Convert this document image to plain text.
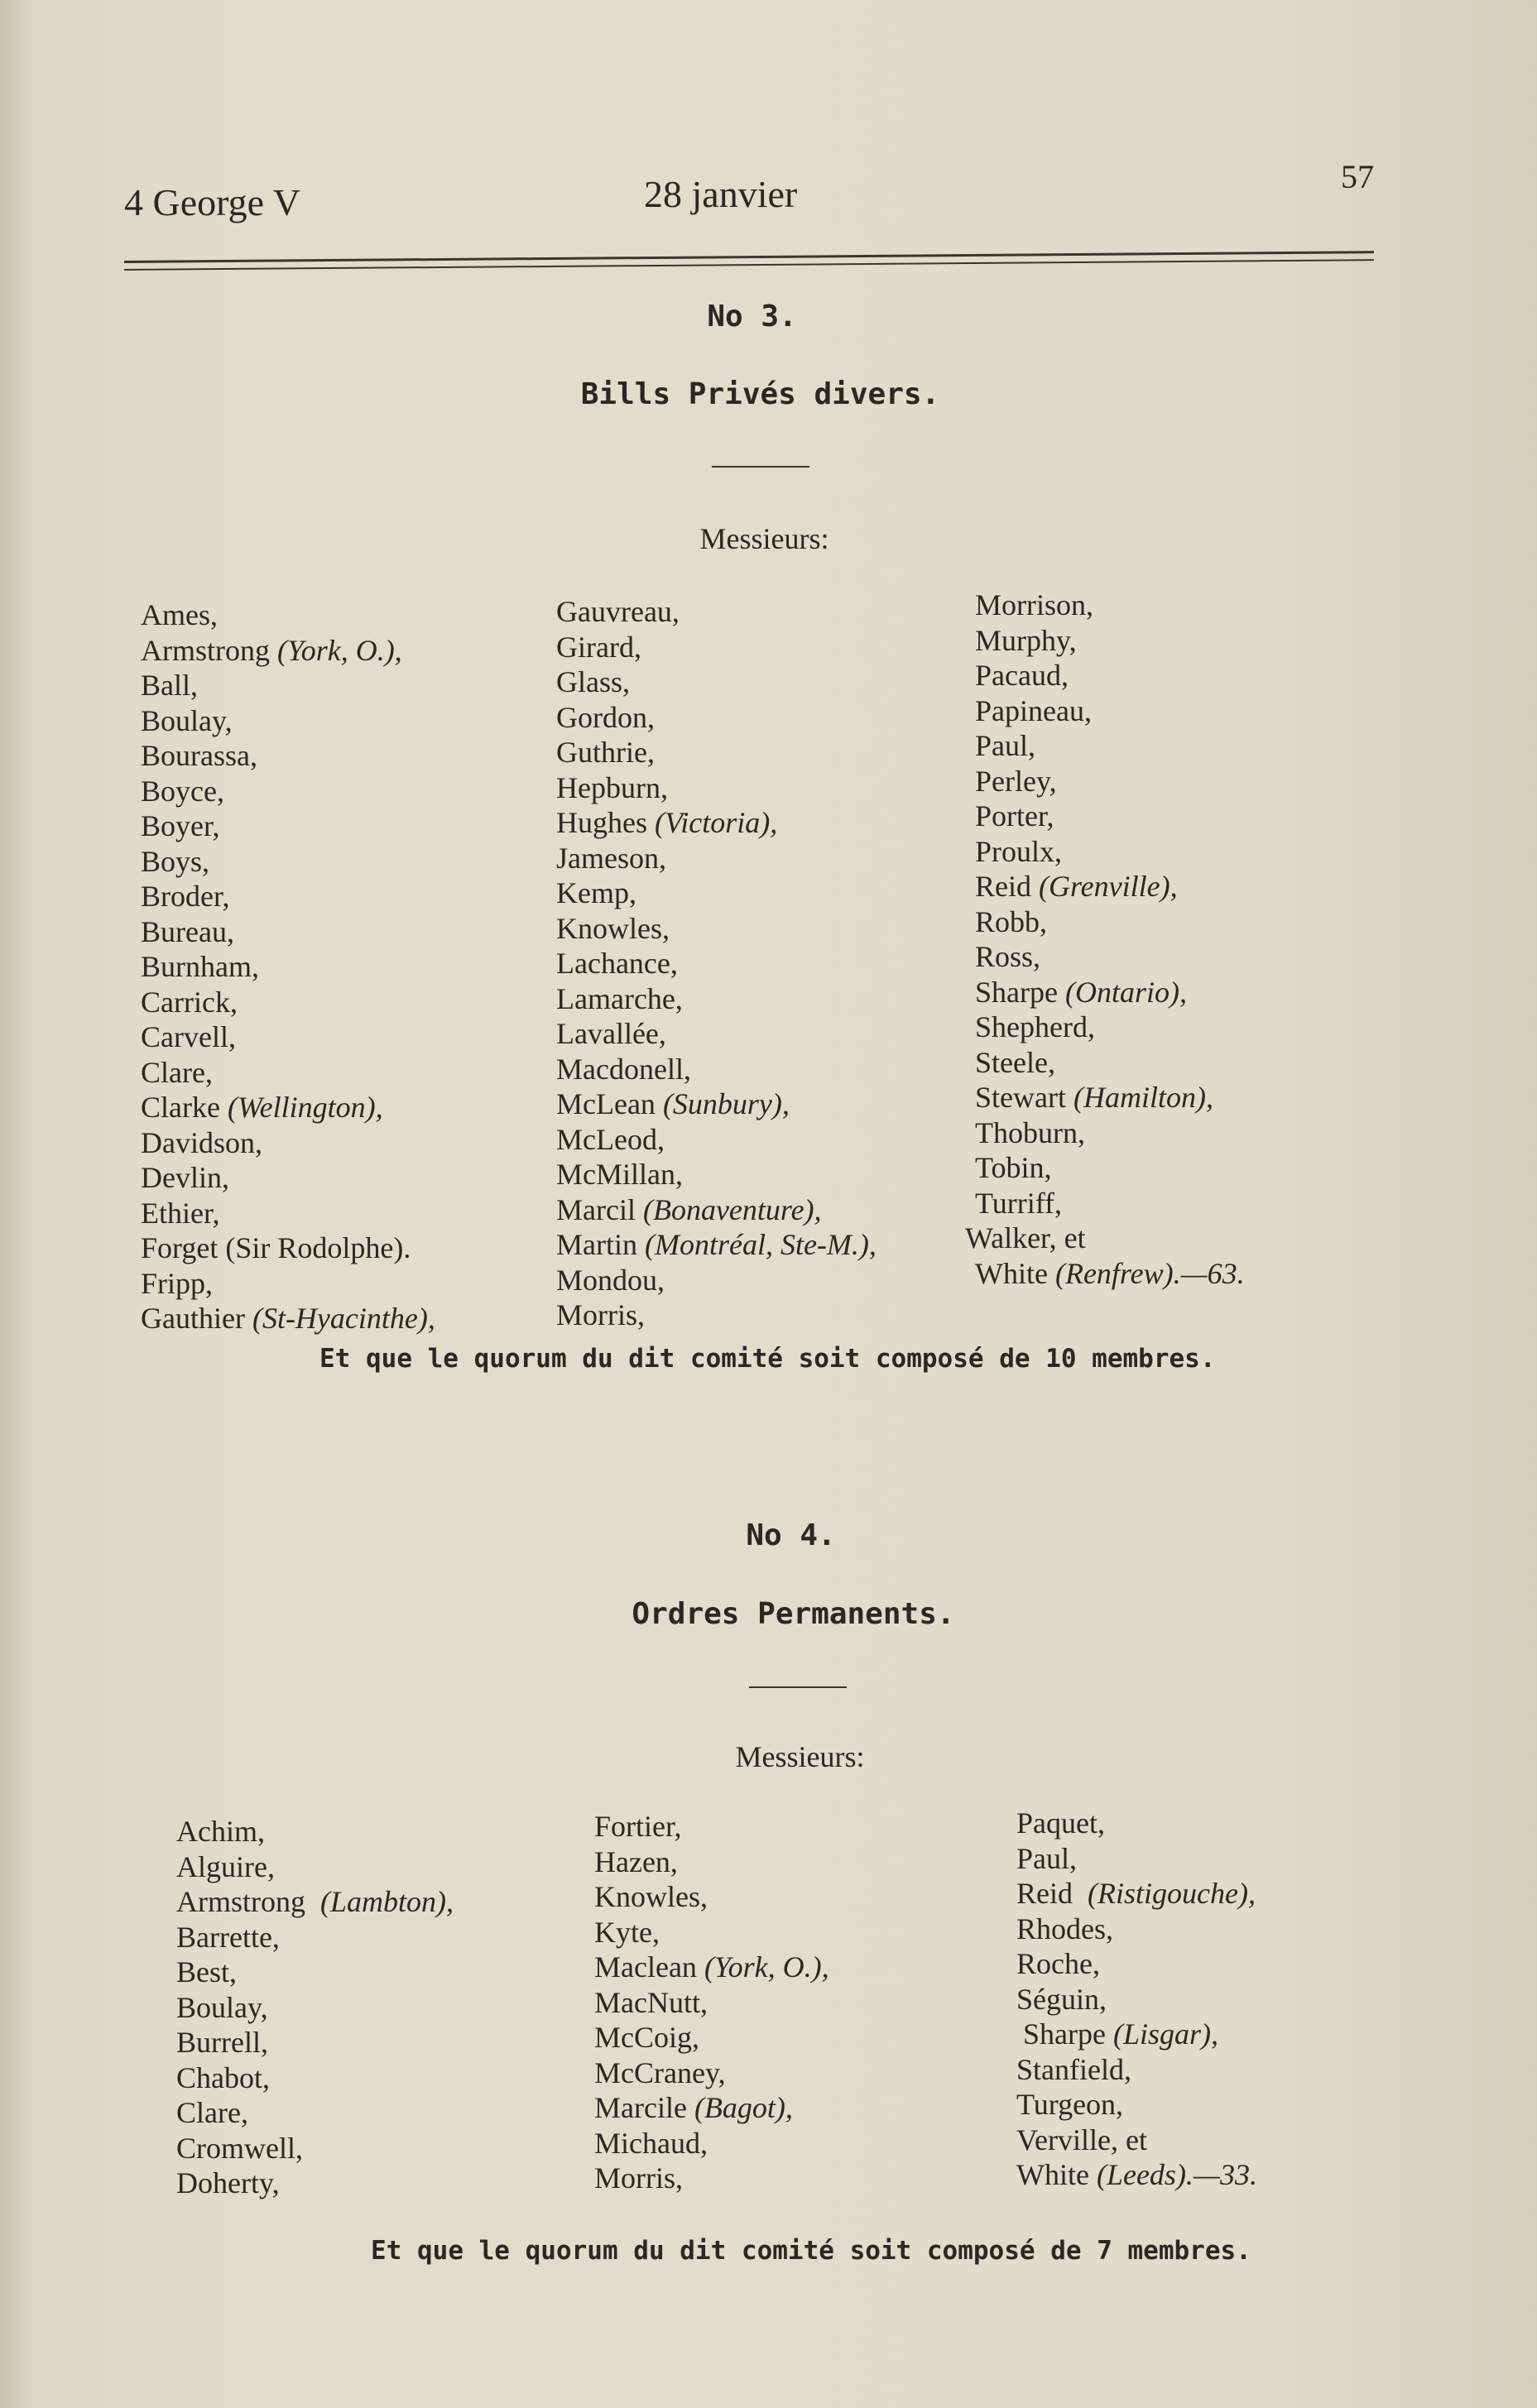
4 George V	28 janvier	57
No 3.
Bills Privés divers.
Messieurs:
Ames,
Armstrong (York, O.),
Ball,
Boulay,
Bourassa,
Boyce,
Boyer,
Boys,
Broder,
Bureau,
Burnham,
Carrick,
Carvell,
Clare,
Clarke (Wellington),
Davidson,
Devlin,
Ethier,
Forget (Sir Rodolphe).
Fripp,
Gauthier (St-Hyacinthe),
Gauvreau,
Girard,
Glass,
Gordon,
Guthrie,
Hepburn,
Hughes (Victoria),
Jameson,
Kemp,
Knowles,
Lachance,
Lamarche,
Lavallée,
Macdonell,
McLean (Sunbury),
McLeod,
McMillan,
Marcil (Bonaventure),
Martin (Montréal, Ste-M.),
Mondou,
Morris,
Morrison,
Murphy,
Pacaud,
Papineau,
Paul,
Perley,
Porter,
Proulx,
Reid (Grenville),
Robb,
Ross,
Sharpe (Ontario),
Shepherd,
Steele,
Stewart (Hamilton),
Thoburn,
Tobin,
Turriff,
Walker, et
White (Renfrew).—63.
Et que le quorum du dit comité soit composé de 10 membres.
No 4.
Ordres Permanents.
Messieurs:
Achim,
Alguire,
Armstrong (Lambton),
Barrette,
Best,
Boulay,
Burrell,
Chabot,
Clare,
Cromwell,
Doherty,
Fortier,
Hazen,
Knowles,
Kyte,
Maclean (York, O.),
MacNutt,
McCoig,
McCraney,
Marcile (Bagot),
Michaud,
Morris,
Paquet,
Paul,
Reid (Ristigouche),
Rhodes,
Roche,
Séguin,
Sharpe (Lisgar),
Stanfield,
Turgeon,
Verville, et
White (Leeds).—33.
Et que le quorum du dit comité soit composé de 7 membres.
